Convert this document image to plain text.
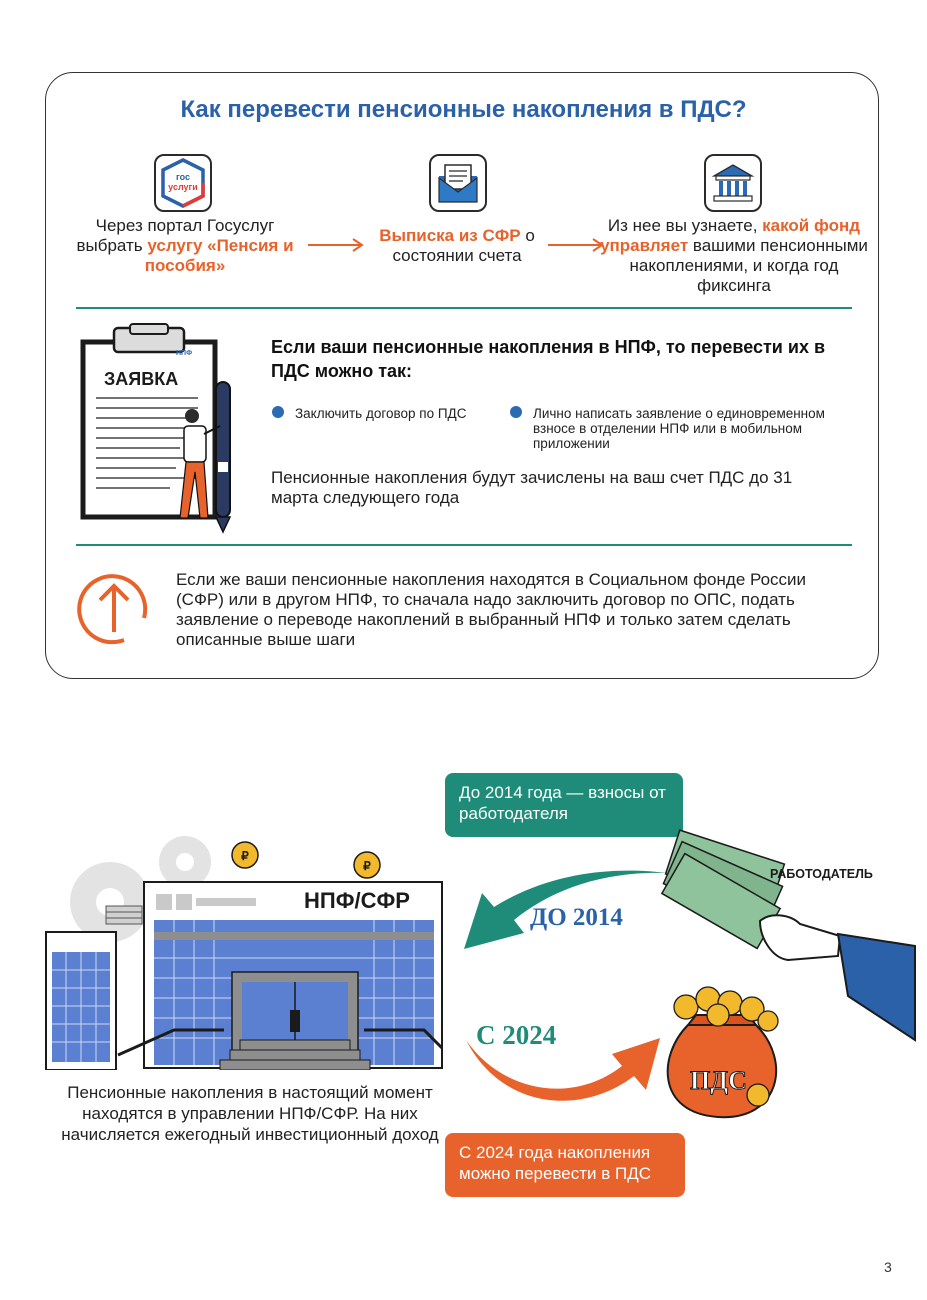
Как перевести пенсионные накопления в ПДС?
гос
услуги
Через портал Госуслуг выбрать услугу «Пенсия и пособия»
Выписка из СФР о состоянии счета
Из нее вы узнаете, какой фонд управляет вашими пенсионными накоплениями, и когда год фиксинга
ЗАЯВКА
НПФ	Если ваши пенсионные накопления в НПФ, то перевести их в ПДС можно так:
Заключить договор по ПДС	Лично написать заявление о единовременном взносе в отделении НПФ или в мобильном приложении
Пенсионные накопления будут зачислены на ваш счет ПДС до 31 марта следующего года
Если же ваши пенсионные накопления находятся в Социальном фонде России (СФР) или в другом НПФ, то сначала надо заключить договор по ОПС, подать заявление о переводе накоплений в выбранный НПФ и только затем сделать описанные выше шаги
₽
₽
НПФ/СФР
Пенсионные накопления в настоящий момент находятся в управлении НПФ/СФР. На них начисляется ежегодный инвестиционный доход
До 2014 года — взносы от работодателя
ДО 2014
С 2024
РАБОТОДАТЕЛЬ
ПДС
С 2024 года накопления можно перевести в ПДС
3
